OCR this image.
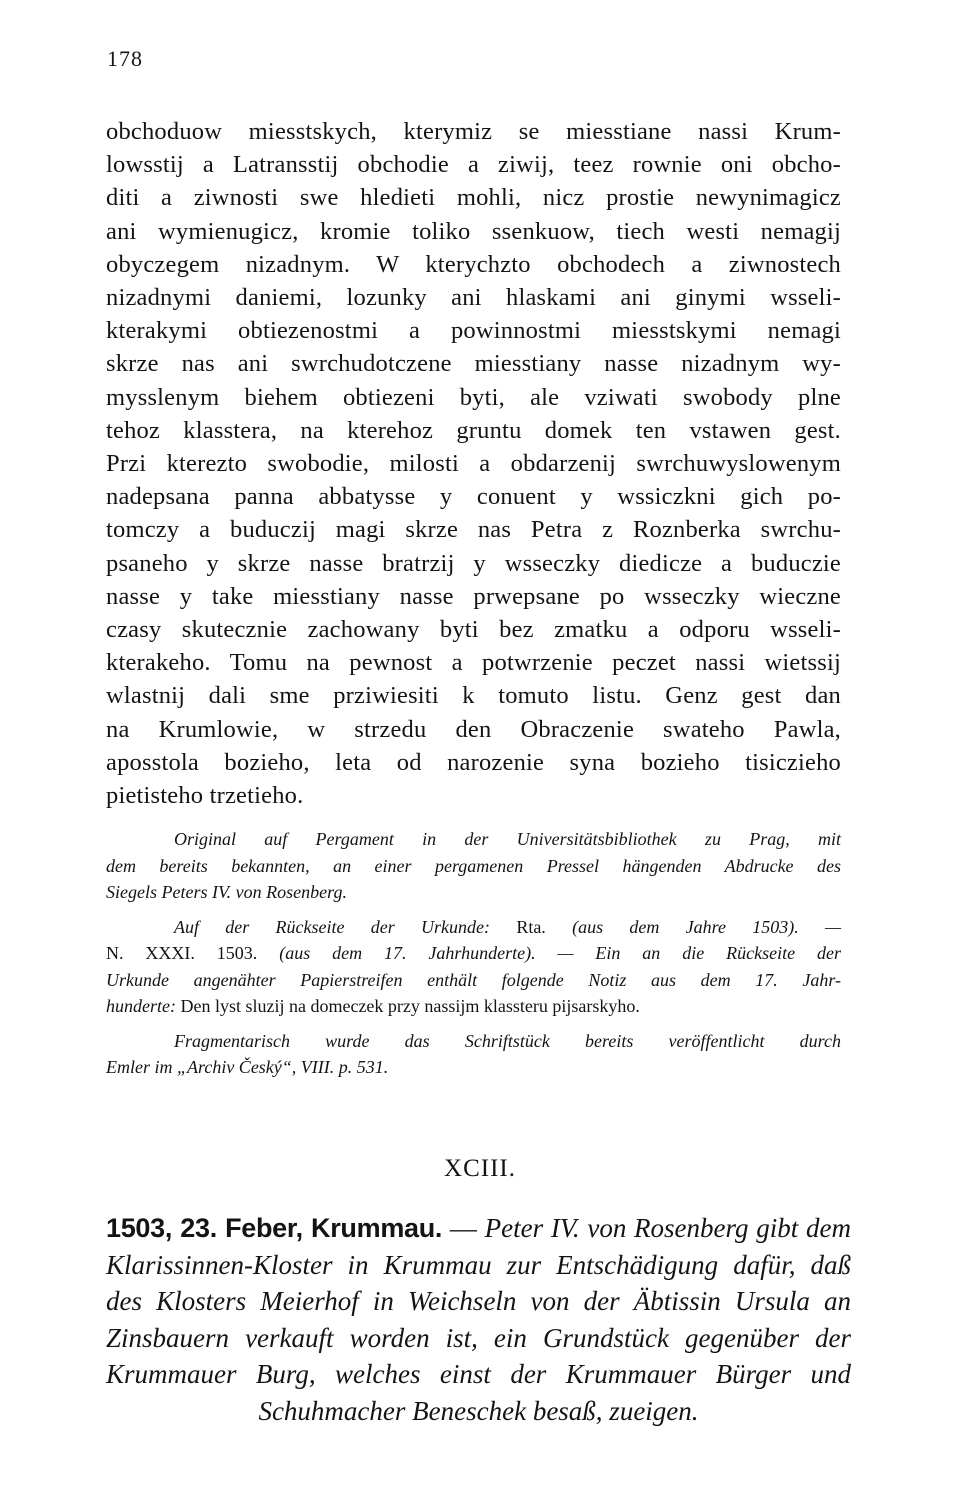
178

obchoduow miesstskych, kterymiz se miesstiane nassi Krum-
lowsstij a Latransstij obchodie a ziwij, teez rownie oni obcho-
diti a ziwnosti swe hledieti mohli, nicz prostie newynimagicz
ani wymienugicz, kromie toliko ssenkuow, tiech westi nemagij
obyczegem nizadnym. W kterychzto obchodech a ziwnostech
nizadnymi daniemi, lozunky ani hlaskami ani ginymi wsseli-
kterakymi obtiezenostmi a powinnostmi miesstskymi nemagi
skrze nas ani swrchudotczene miesstiany nasse nizadnym wy-
mysslenym biehem obtiezeni byti, ale vziwati swobody plne
tehoz klasstera, na kterehoz gruntu domek ten vstawen gest.
Przi kterezto swobodie, milosti a obdarzenij swrchuwyslowenym
nadepsana panna abbatysse y conuent y wssiczkni gich po-
tomczy a buduczij magi skrze nas Petra z Roznberka swrchu-
psaneho y skrze nasse bratrzij y wsseczky diedicze a buduczie
nasse y take miesstiany nasse prwepsane po wsseczky wieczne
czasy skutecznie zachowany byti bez zmatku a odporu wsseli-
kterakeho. Tomu na pewnost a potwrzenie peczet nassi wietssij
wlastnij dali sme prziwiesiti k tomuto listu. Genz gest dan
na Krumlowie, w strzedu den Obraczenie swateho Pawla,
aposstola bozieho, leta od narozenie syna bozieho tisiczieho
pietisteho trzetieho.
Original auf Pergament in der Universitätsbibliothek zu Prag, mit
dem bereits bekannten, an einer pergamenen Pressel hängenden Abdrucke des
Siegels Peters IV. von Rosenberg.
Auf der Rückseite der Urkunde: Rta. (aus dem Jahre 1503). —
N. XXXI. 1503. (aus dem 17. Jahrhunderte). — Ein an die Rückseite der
Urkunde angenähter Papierstreifen enthält folgende Notiz aus dem 17. Jahr-
hunderte: Den lyst sluzij na domeczek przy nassijm klassteru pijsarskyho.
Fragmentarisch wurde das Schriftstück bereits veröffentlicht durch
Emler im „Archiv Český“, VIII. p. 531.

XCIII.

1503, 23. Feber, Krummau. — Peter IV. von Rosenberg gibt dem
Klarissinnen-Kloster in Krummau zur Entschädigung dafür, daß
des Klosters Meierhof in Weichseln von der Äbtissin Ursula an
Zinsbauern verkauft worden ist, ein Grundstück gegenüber der
Krummauer Burg, welches einst der Krummauer Bürger und
Schuhmacher Beneschek besaß, zueigen.
